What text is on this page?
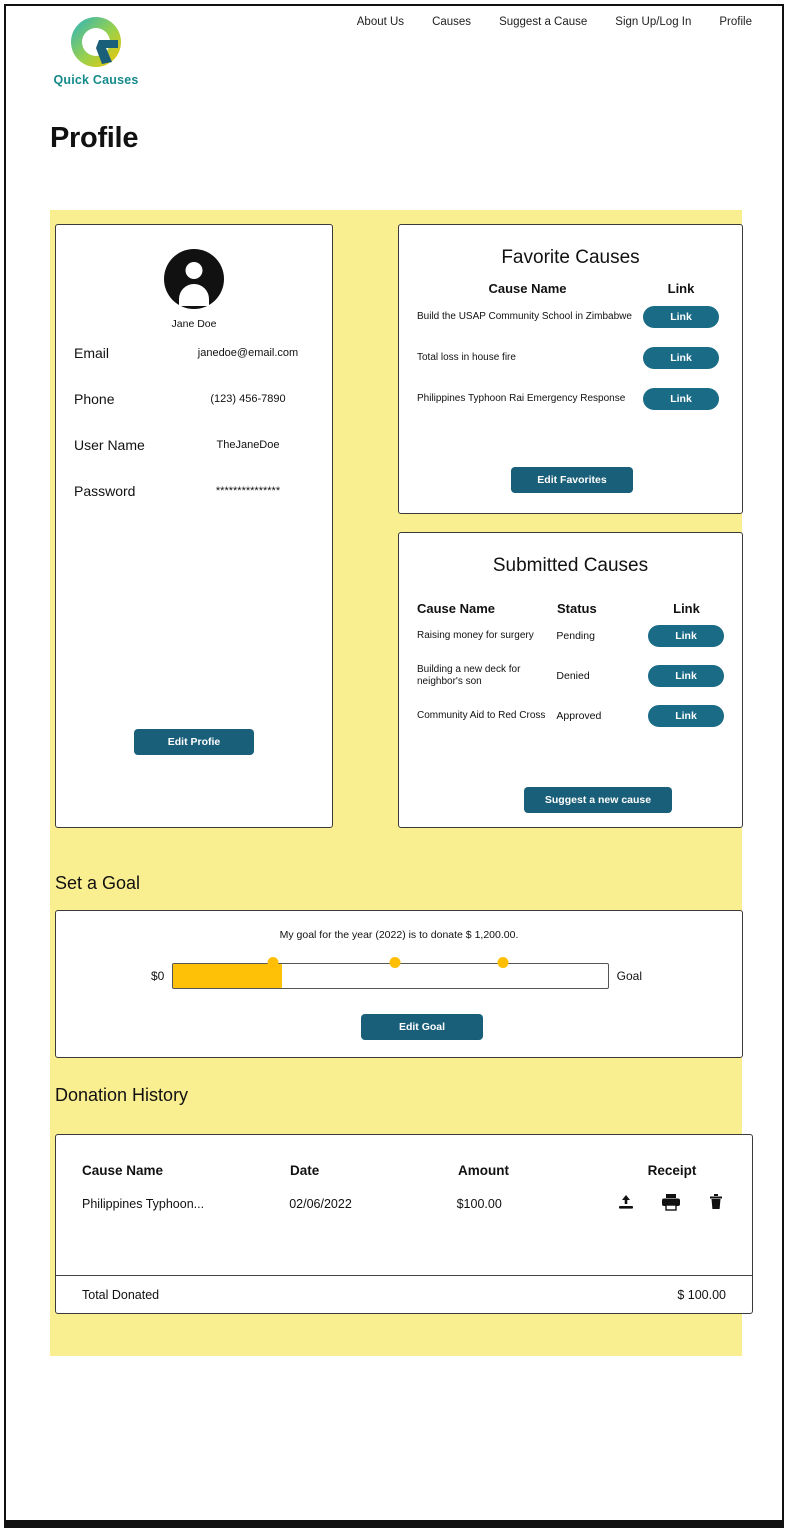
Quick Causes
About Us Causes Suggest a Cause Sign Up/Log In Profile
Profile
Jane Doe
Email	janedoe@email.com
Phone	(123) 456-7890
User Name	TheJaneDoe
Password	***************
Edit Profie
Favorite Causes
Cause Name	Link
Build the USAP Community School in Zimbabwe	Link
Total loss in house fire	Link
Philippines Typhoon Rai Emergency Response	Link
Edit Favorites
Submitted Causes
Cause Name	Status	Link
Raising money for surgery	Pending	Link
Building a new deck for neighbor's son	Denied	Link
Community Aid to Red Cross	Approved	Link
Suggest a new cause
Set a Goal
My goal for the year (2022) is to donate $ 1,200.00.
$0	Goal
Edit Goal
Donation History
Cause Name	Date	Amount	Receipt
Philippines Typhoon...	02/06/2022	$100.00
Total Donated	$ 100.00
